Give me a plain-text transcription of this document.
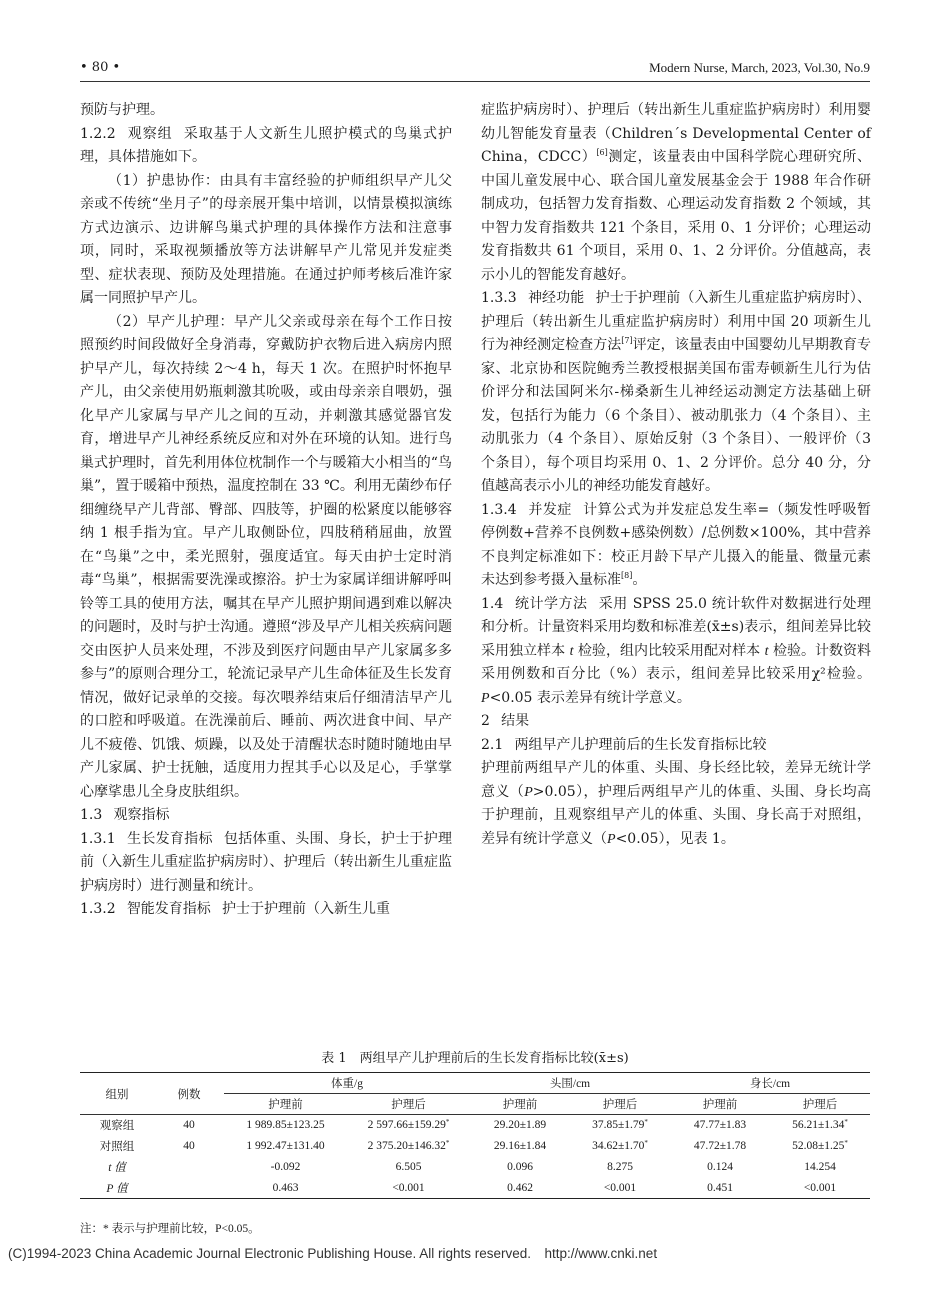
• 80 •	Modern Nurse, March, 2023, Vol.30, No.9

预防与护理。

1.2.2 观察组 采取基于人文新生儿照护模式的鸟巢式护理，具体措施如下。

（1）护患协作：由具有丰富经验的护师组织早产儿父亲或不传统“坐月子”的母亲展开集中培训，以情景模拟演练方式边演示、边讲解鸟巢式护理的具体操作方法和注意事项，同时，采取视频播放等方法讲解早产儿常见并发症类型、症状表现、预防及处理措施。在通过护师考核后准许家属一同照护早产儿。

（2）早产儿护理：早产儿父亲或母亲在每个工作日按照预约时间段做好全身消毒，穿戴防护衣物后进入病房内照护早产儿，每次持续 2～4 h，每天 1 次。在照护时怀抱早产儿，由父亲使用奶瓶刺激其吮吸，或由母亲亲自喂奶，强化早产儿家属与早产儿之间的互动，并刺激其感觉器官发育，增进早产儿神经系统反应和对外在环境的认知。进行鸟巢式护理时，首先利用体位枕制作一个与暖箱大小相当的“鸟巢”，置于暖箱中预热，温度控制在 33 ℃。利用无菌纱布仔细缠绕早产儿背部、臀部、四肢等，护圈的松紧度以能够容纳 1 根手指为宜。早产儿取侧卧位，四肢稍稍屈曲，放置在“鸟巢”之中，柔光照射，强度适宜。每天由护士定时消毒“鸟巢”，根据需要洗澡或擦浴。护士为家属详细讲解呼叫铃等工具的使用方法，嘱其在早产儿照护期间遇到难以解决的问题时，及时与护士沟通。遵照“涉及早产儿相关疾病问题交由医护人员来处理，不涉及到医疗问题由早产儿家属多多参与”的原则合理分工，轮流记录早产儿生命体征及生长发育情况，做好记录单的交接。每次喂养结束后仔细清洁早产儿的口腔和呼吸道。在洗澡前后、睡前、两次进食中间、早产儿不疲倦、饥饿、烦躁，以及处于清醒状态时随时随地由早产儿家属、护士抚触，适度用力捏其手心以及足心，手掌掌心摩挲患儿全身皮肤组织。

1.3 观察指标

1.3.1 生长发育指标 包括体重、头围、身长，护士于护理前（入新生儿重症监护病房时）、护理后（转出新生儿重症监护病房时）进行测量和统计。

1.3.2 智能发育指标 护士于护理前（入新生儿重

症监护病房时）、护理后（转出新生儿重症监护病房时）利用婴幼儿智能发育量表（Children´s Developmental Center of China，CDCC）[6]测定，该量表由中国科学院心理研究所、中国儿童发展中心、联合国儿童发展基金会于 1988 年合作研制成功，包括智力发育指数、心理运动发育指数 2 个领域，其中智力发育指数共 121 个条目，采用 0、1 分评价；心理运动发育指数共 61 个项目，采用 0、1、2 分评价。分值越高，表示小儿的智能发育越好。

1.3.3 神经功能 护士于护理前（入新生儿重症监护病房时）、护理后（转出新生儿重症监护病房时）利用中国 20 项新生儿行为神经测定检查方法[7]评定，该量表由中国婴幼儿早期教育专家、北京协和医院鲍秀兰教授根据美国布雷寿顿新生儿行为估价评分和法国阿米尔-梯桑新生儿神经运动测定方法基础上研发，包括行为能力（6 个条目）、被动肌张力（4 个条目）、主动肌张力（4 个条目）、原始反射（3 个条目）、一般评价（3 个条目），每个项目均采用 0、1、2 分评价。总分 40 分，分值越高表示小儿的神经功能发育越好。

1.3.4 并发症 计算公式为并发症总发生率=（频发性呼吸暂停例数+营养不良例数+感染例数）/总例数×100%，其中营养不良判定标准如下：校正月龄下早产儿摄入的能量、微量元素未达到参考摄入量标准[8]。

1.4 统计学方法 采用 SPSS 25.0 统计软件对数据进行处理和分析。计量资料采用均数和标准差(x̄±s)表示，组间差异比较采用独立样本 t 检验，组内比较采用配对样本 t 检验。计数资料采用例数和百分比（%）表示，组间差异比较采用χ²检验。P<0.05 表示差异有统计学意义。

2 结果

2.1 两组早产儿护理前后的生长发育指标比较

护理前两组早产儿的体重、头围、身长经比较，差异无统计学意义（P>0.05），护理后两组早产儿的体重、头围、身长均高于护理前，且观察组早产儿的体重、头围、身长高于对照组，差异有统计学意义（P<0.05），见表 1。

表 1　两组早产儿护理前后的生长发育指标比较(x̄±s)
组别	例数	体重/g		头围/cm		身长/cm	
		护理前	护理后	护理前	护理后	护理前	护理后
观察组	40	1 989.85±123.25	2 597.66±159.29*	29.20±1.89	37.85±1.79*	47.77±1.83	56.21±1.34*
对照组	40	1 992.47±131.40	2 375.20±146.32*	29.16±1.84	34.62±1.70*	47.72±1.78	52.08±1.25*
t 值		-0.092	6.505	0.096	8.275	0.124	14.254
P 值		0.463	<0.001	0.462	<0.001	0.451	<0.001
注：* 表示与护理前比较，P<0.05。
(C)1994-2023 China Academic Journal Electronic Publishing House. All rights reserved.　http://www.cnki.net
